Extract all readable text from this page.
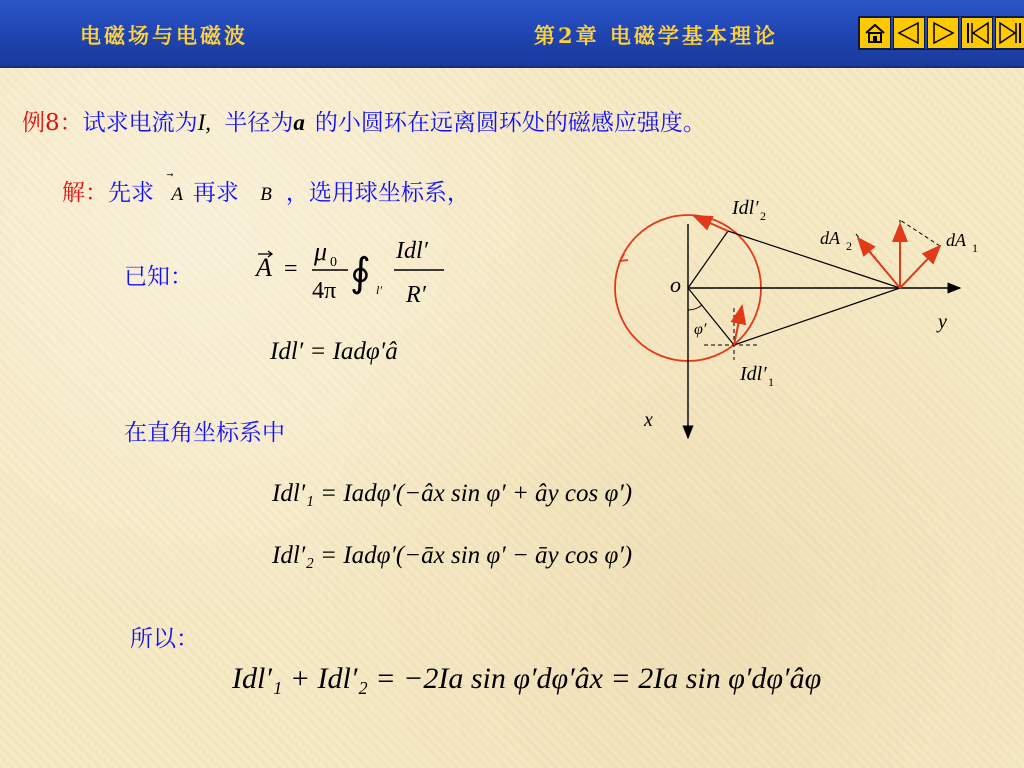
电磁场与电磁波	第2章 电磁学基本理论
例8：试求电流为I, 半径为a 的小圆环在远离圆环处的磁感应强度。
解：先求 A 再求 B ，选用球坐标系，
已知： A =
μ 0
4π ∮ l′
Idl′
R′
Idl′ = Iadφ′â
在直角坐标系中
Idl′₁ = Iadφ′(−âx sin φ′ + ây cos φ′)
Idl′₂ = Iadφ′(−āx sin φ′ − āy cos φ′)
所以：
Idl′₁ + Idl′₂ = −2Ia sin φ′dφ′âx = 2Ia sin φ′dφ′âφ
o
y
x
φ′
Idl′ 2
Idl′ 1
dA 2	dA 1
